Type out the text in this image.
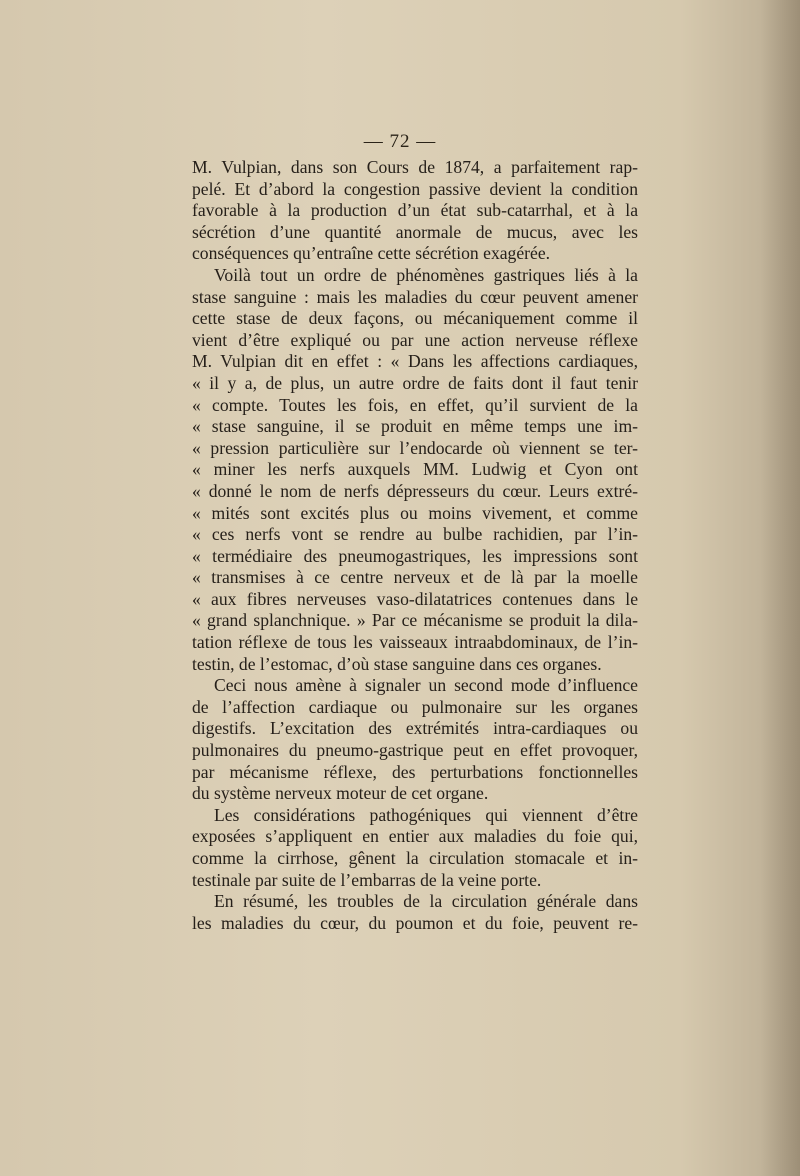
— 72 —
M. Vulpian, dans son Cours de 1874, a parfaitement rap-
pelé. Et d’abord la congestion passive devient la condition
favorable à la production d’un état sub-catarrhal, et à la
sécrétion d’une quantité anormale de mucus, avec les
conséquences qu’entraîne cette sécrétion exagérée.
Voilà tout un ordre de phénomènes gastriques liés à la
stase sanguine : mais les maladies du cœur peuvent amener
cette stase de deux façons, ou mécaniquement comme il
vient d’être expliqué ou par une action nerveuse réflexe
M. Vulpian dit en effet : « Dans les affections cardiaques,
« il y a, de plus, un autre ordre de faits dont il faut tenir
« compte. Toutes les fois, en effet, qu’il survient de la
« stase sanguine, il se produit en même temps une im-
« pression particulière sur l’endocarde où viennent se ter-
« miner les nerfs auxquels MM. Ludwig et Cyon ont
« donné le nom de nerfs dépresseurs du cœur. Leurs extré-
« mités sont excités plus ou moins vivement, et comme
« ces nerfs vont se rendre au bulbe rachidien, par l’in-
« termédiaire des pneumogastriques, les impressions sont
« transmises à ce centre nerveux et de là par la moelle
« aux fibres nerveuses vaso-dilatatrices contenues dans le
« grand splanchnique. » Par ce mécanisme se produit la dila-
tation réflexe de tous les vaisseaux intraabdominaux, de l’in-
testin, de l’estomac, d’où stase sanguine dans ces organes.
Ceci nous amène à signaler un second mode d’influence
de l’affection cardiaque ou pulmonaire sur les organes
digestifs. L’excitation des extrémités intra-cardiaques ou
pulmonaires du pneumo-gastrique peut en effet provoquer,
par mécanisme réflexe, des perturbations fonctionnelles
du système nerveux moteur de cet organe.
Les considérations pathogéniques qui viennent d’être
exposées s’appliquent en entier aux maladies du foie qui,
comme la cirrhose, gênent la circulation stomacale et in-
testinale par suite de l’embarras de la veine porte.
En résumé, les troubles de la circulation générale dans
les maladies du cœur, du poumon et du foie, peuvent re-
